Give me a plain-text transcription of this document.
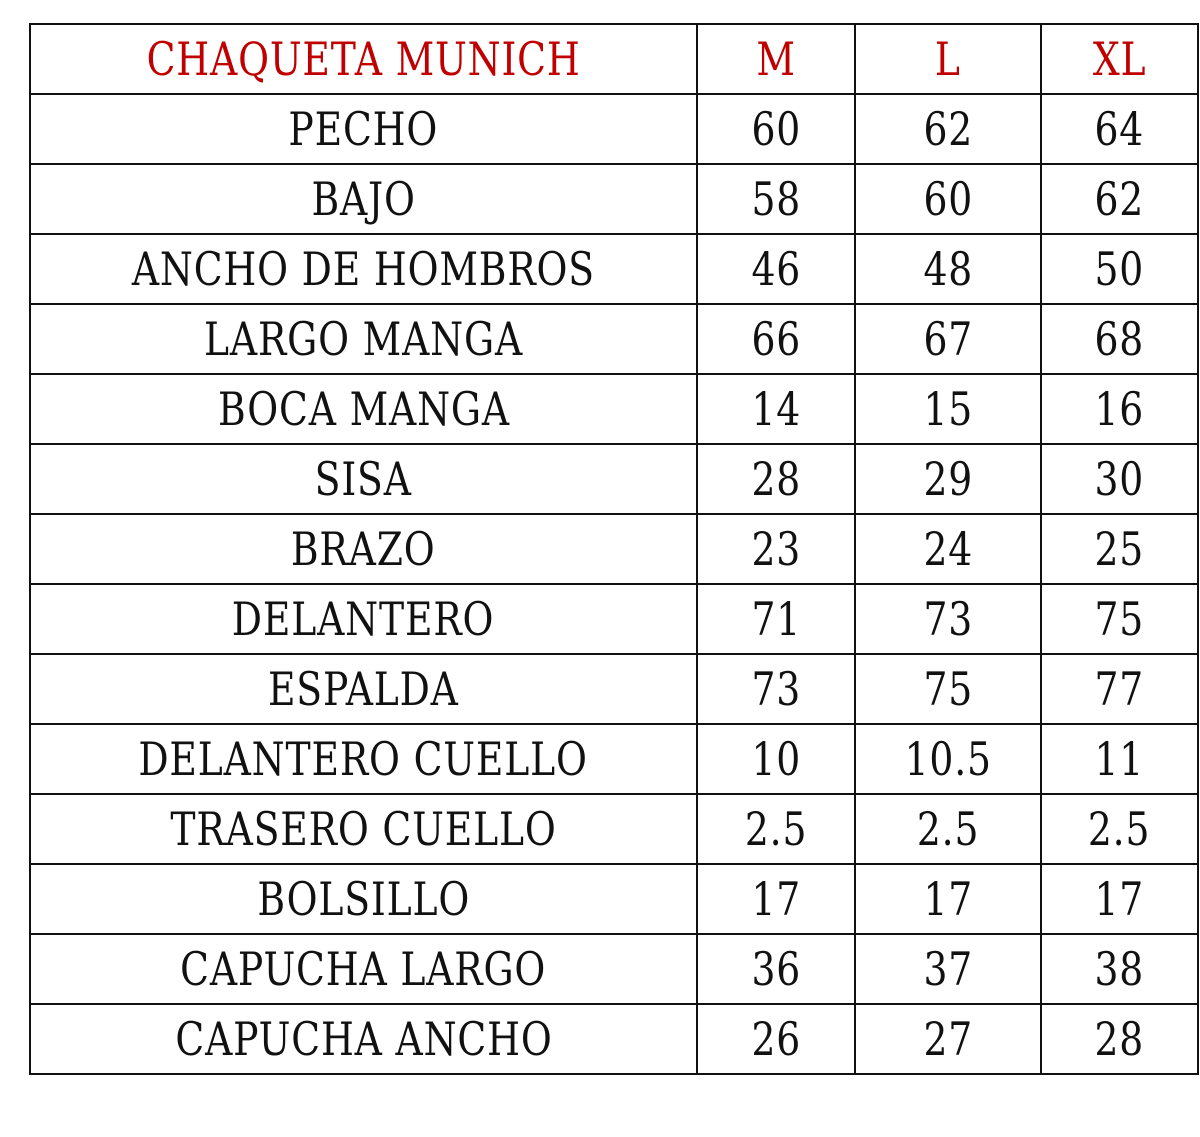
CHAQUETA MUNICH	M	L	XL
PECHO	60	62	64
BAJO	58	60	62
ANCHO DE HOMBROS	46	48	50
LARGO MANGA	66	67	68
BOCA MANGA	14	15	16
SISA	28	29	30
BRAZO	23	24	25
DELANTERO	71	73	75
ESPALDA	73	75	77
DELANTERO CUELLO	10	10.5	11
TRASERO CUELLO	2.5	2.5	2.5
BOLSILLO	17	17	17
CAPUCHA LARGO	36	37	38
CAPUCHA ANCHO	26	27	28
